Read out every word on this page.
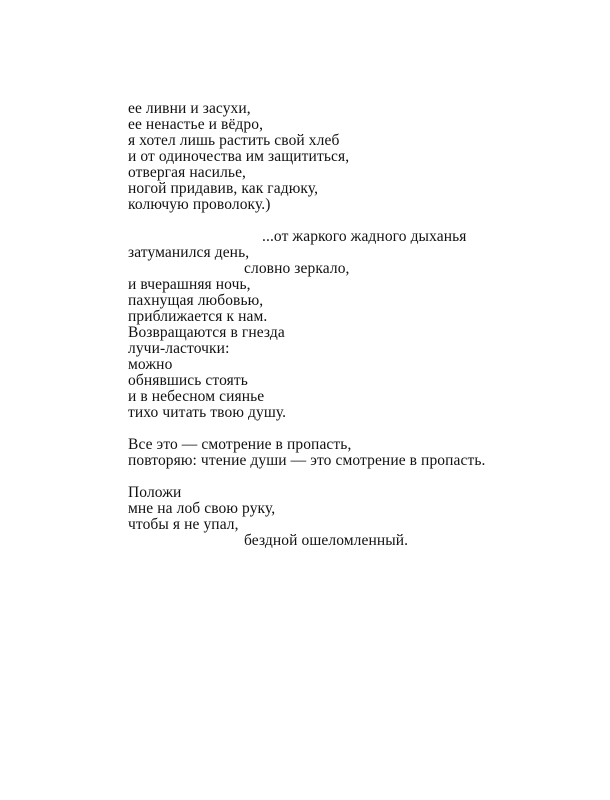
ее ливни и засухи,
ее ненастье и вёдро,
я хотел лишь растить свой хлеб
и от одиночества им защититься,
отвергая насилье,
ногой придавив, как гадюку,
колючую проволоку.)
...от жаркого жадного дыханья
затуманился день,
словно зеркало,
и вчерашняя ночь,
пахнущая любовью,
приближается к нам.
Возвращаются в гнезда
лучи-ласточки:
можно
обнявшись стоять
и в небесном сиянье
тихо читать твою душу.
Все это — смотрение в пропасть,
повторяю: чтение души — это смотрение в пропасть.
Положи
мне на лоб свою руку,
чтобы я не упал,
бездной ошеломленный.
